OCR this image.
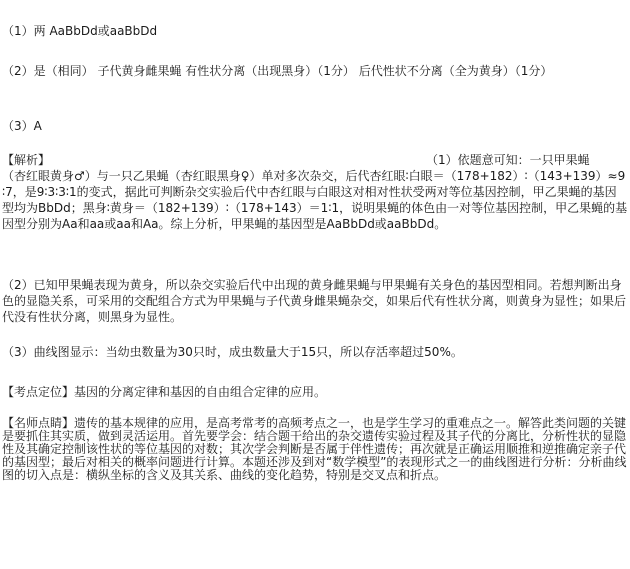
（1）两 AaBbDd或aaBbDd
（2）是（相同） 子代黄身雌果蝇 有性状分离（出现黑身）（1分） 后代性状不分离（全为黄身）（1分）
（3）A
【解析】	（1）依题意可知：一只甲果蝇
（杏红眼黄身♂）与一只乙果蝇（杏红眼黑身♀）单对多次杂交，后代杏红眼∶白眼＝（178+182）∶（143+139）≈9∶7，是9∶3∶3∶1的变式，据此可判断杂交实验后代中杏红眼与白眼这对相对性状受两对等位基因控制，甲乙果蝇的基因型均为BbDd；黑身∶黄身＝（182+139）∶（178+143）＝1∶1，说明果蝇的体色由一对等位基因控制，甲乙果蝇的基因型分别为Aa和aa或aa和Aa。综上分析，甲果蝇的基因型是AaBbDd或aaBbDd。
（2）已知甲果蝇表现为黄身，所以杂交实验后代中出现的黄身雌果蝇与甲果蝇有关身色的基因型相同。若想判断出身色的显隐关系，可采用的交配组合方式为甲果蝇与子代黄身雌果蝇杂交，如果后代有性状分离，则黄身为显性；如果后代没有性状分离，则黑身为显性。
（3）曲线图显示：当幼虫数量为30只时，成虫数量大于15只，所以存活率超过50%。
【考点定位】基因的分离定律和基因的自由组合定律的应用。
【名师点睛】遗传的基本规律的应用，是高考常考的高频考点之一，也是学生学习的重难点之一。解答此类问题的关键是要抓住其实质，做到灵活运用。首先要学会：结合题干给出的杂交遗传实验过程及其子代的分离比，分析性状的显隐性及其确定控制该性状的等位基因的对数；其次学会判断是否属于伴性遗传；再次就是正确运用顺推和逆推确定亲子代的基因型；最后对相关的概率问题进行计算。本题还涉及到对“数学模型”的表现形式之一的曲线图进行分析：分析曲线图的切入点是：横纵坐标的含义及其关系、曲线的变化趋势，特别是交叉点和折点。
